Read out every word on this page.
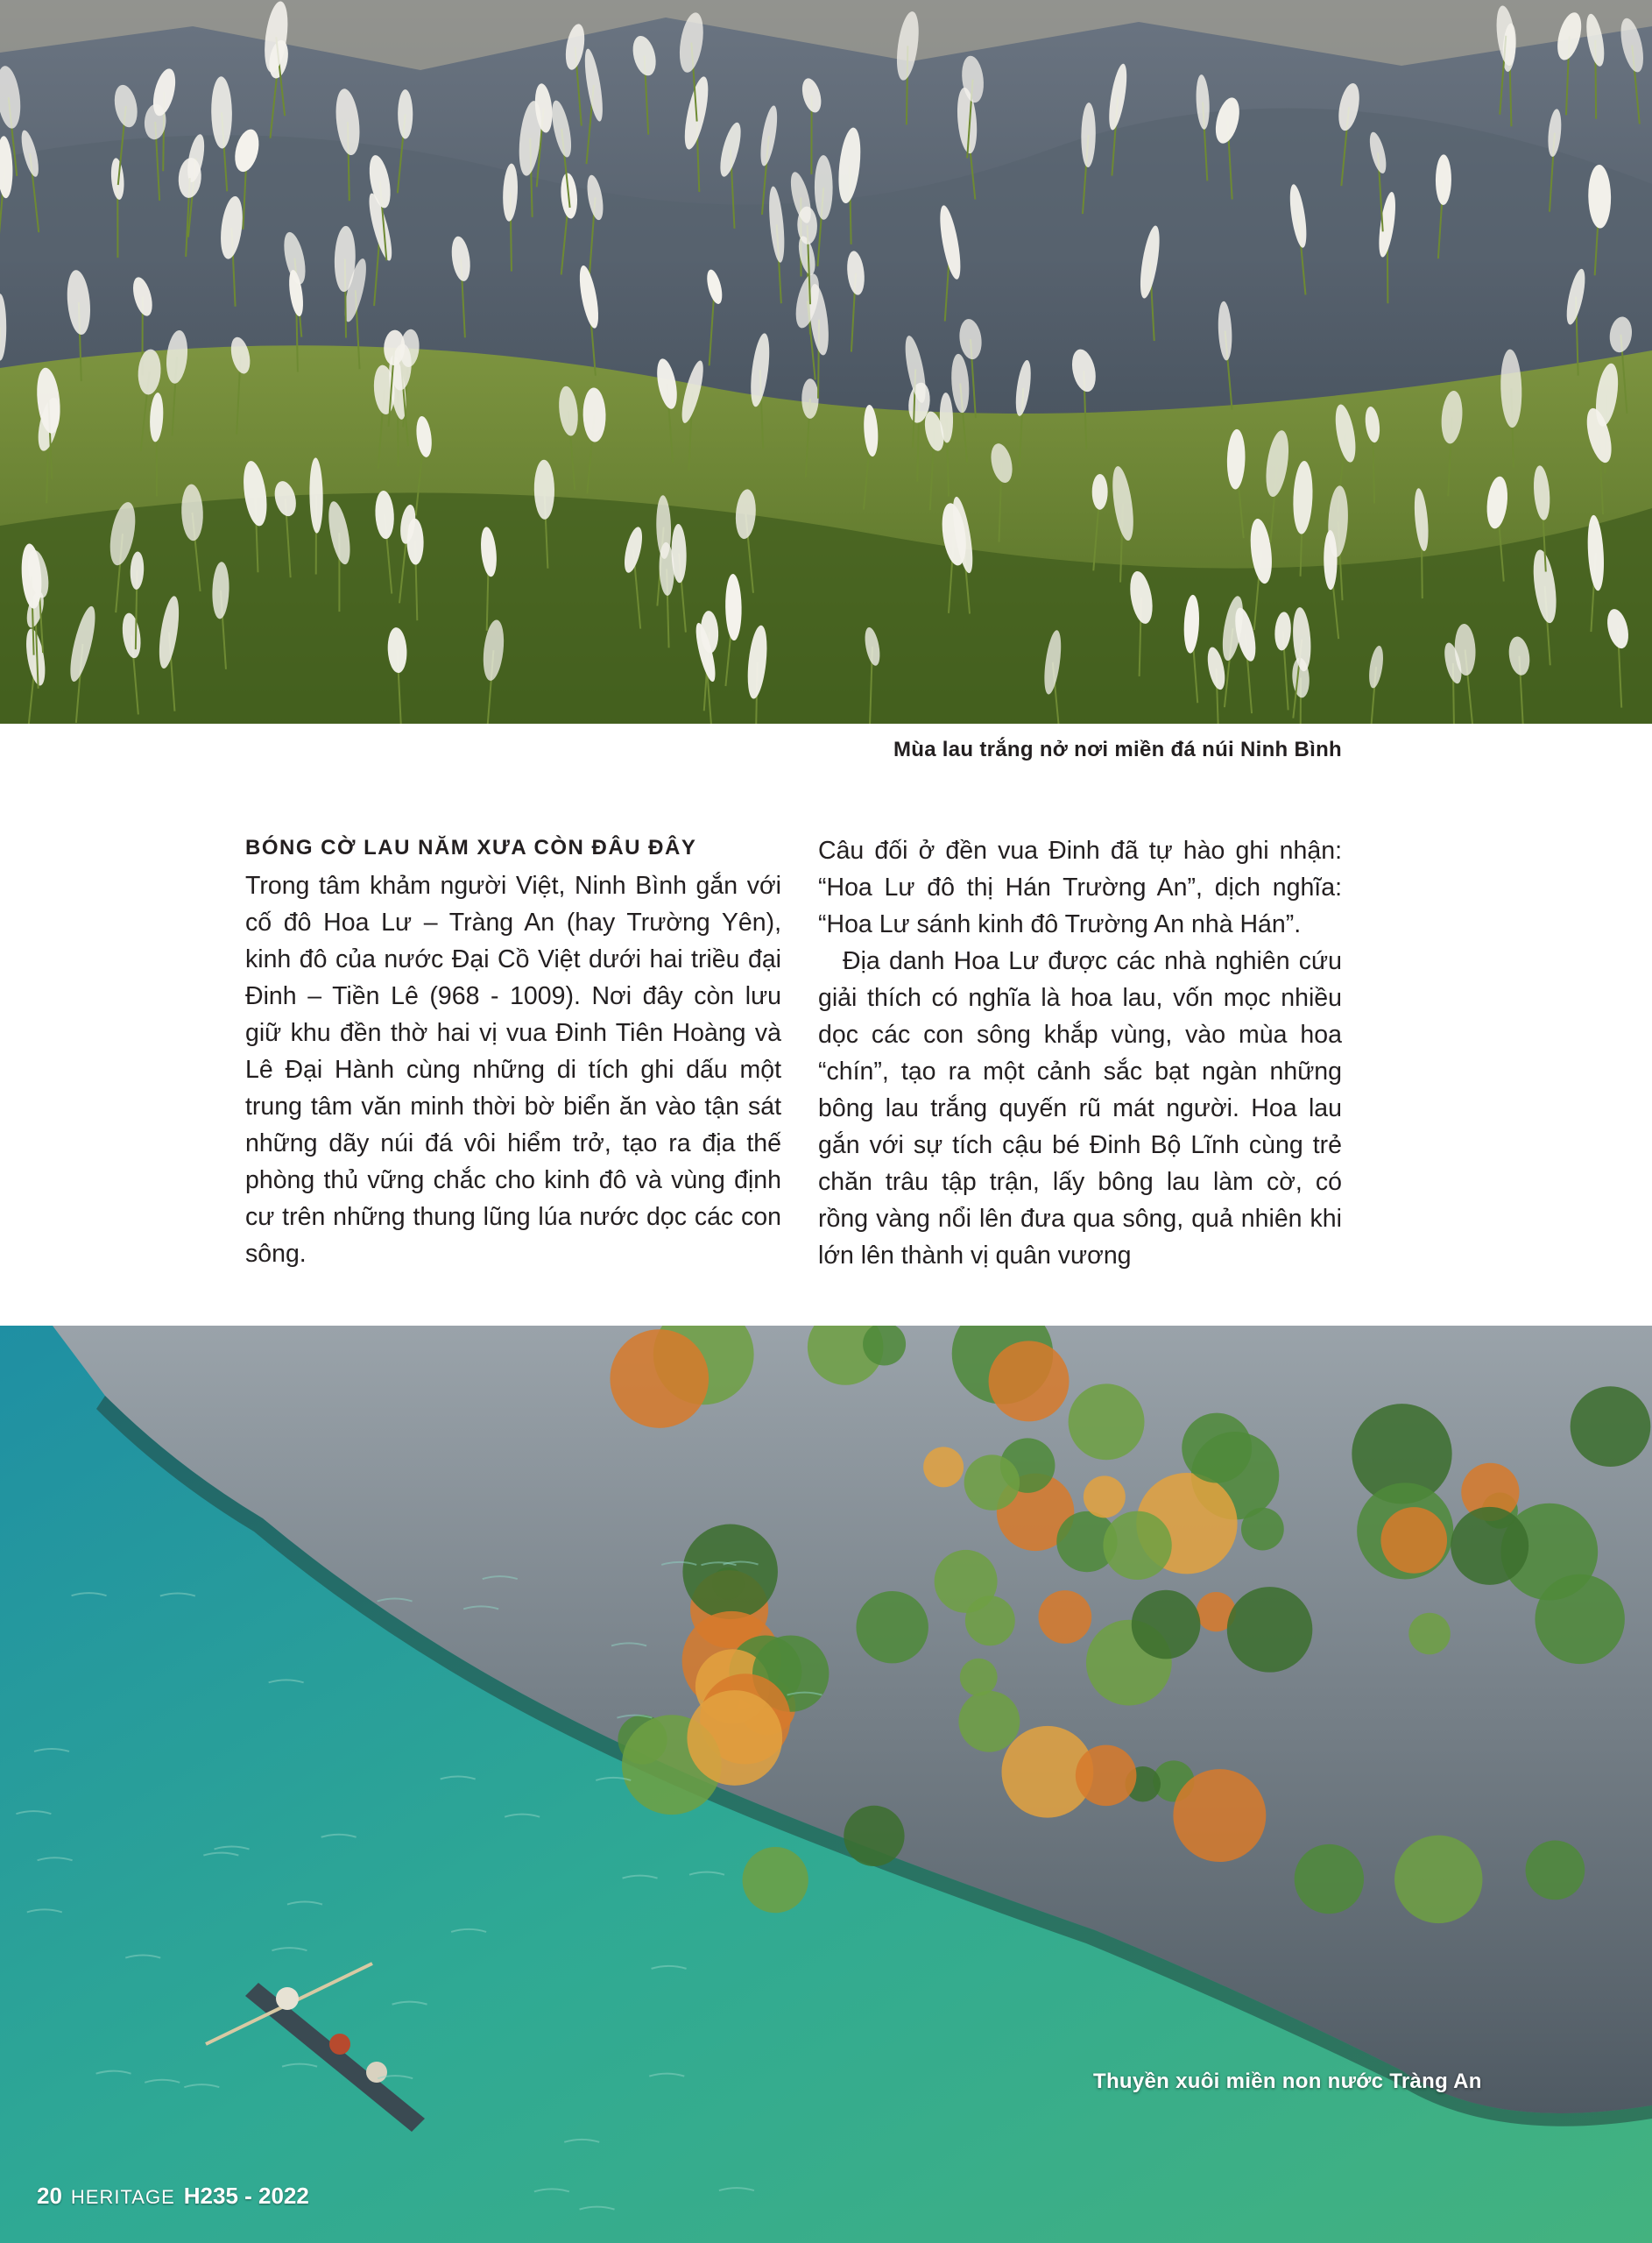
Mùa lau trắng nở nơi miền đá núi Ninh Bình
BÓNG CỜ LAU NĂM XƯA CÒN ĐÂU ĐÂY

Trong tâm khảm người Việt, Ninh Bình gắn với cố đô Hoa Lư – Tràng An (hay Trường Yên), kinh đô của nước Đại Cồ Việt dưới hai triều đại Đinh – Tiền Lê (968 - 1009). Nơi đây còn lưu giữ khu đền thờ hai vị vua Đinh Tiên Hoàng và Lê Đại Hành cùng những di tích ghi dấu một trung tâm văn minh thời bờ biển ăn vào tận sát những dãy núi đá vôi hiểm trở, tạo ra địa thế phòng thủ vững chắc cho kinh đô và vùng định cư trên những thung lũng lúa nước dọc các con sông.

Câu đối ở đền vua Đinh đã tự hào ghi nhận: “Hoa Lư đô thị Hán Trường An”, dịch nghĩa: “Hoa Lư sánh kinh đô Trường An nhà Hán”.

Địa danh Hoa Lư được các nhà nghiên cứu giải thích có nghĩa là hoa lau, vốn mọc nhiều dọc các con sông khắp vùng, vào mùa hoa “chín”, tạo ra một cảnh sắc bạt ngàn những bông lau trắng quyến rũ mát người. Hoa lau gắn với sự tích cậu bé Đinh Bộ Lĩnh cùng trẻ chăn trâu tập trận, lấy bông lau làm cờ, có rồng vàng nổi lên đưa qua sông, quả nhiên khi lớn lên thành vị quân vương

Thuyền xuôi miền non nước Tràng An
20 HERITAGE H235 - 2022
